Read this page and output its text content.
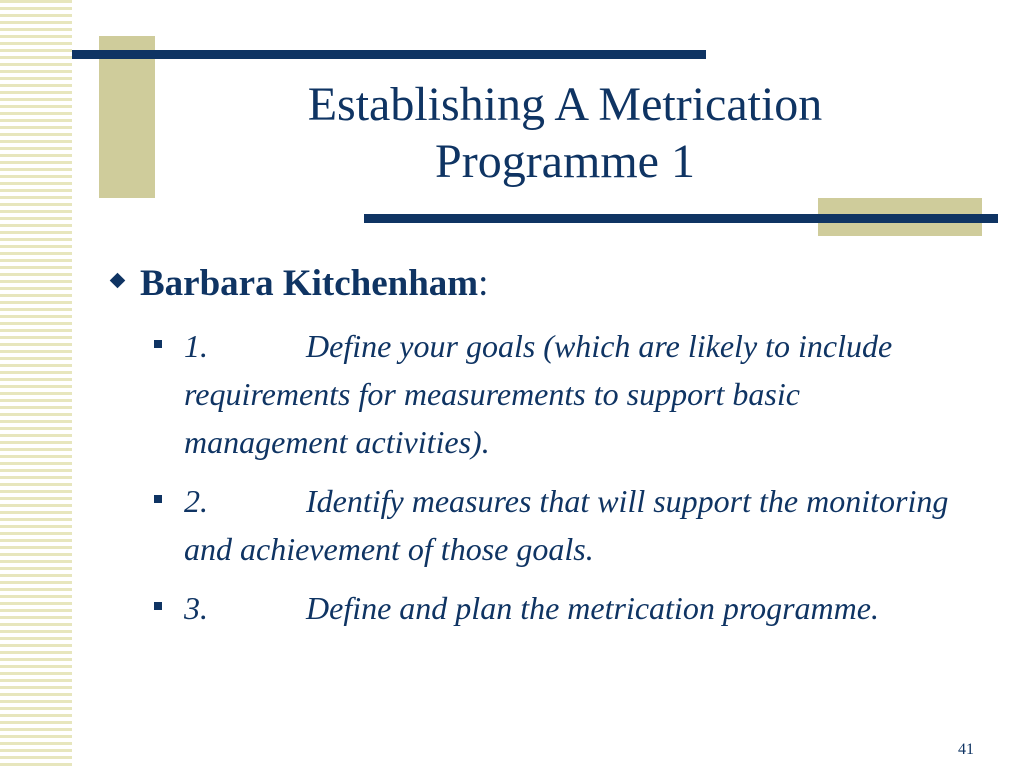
Establishing A Metrication
Programme 1
Barbara Kitchenham:
1.	Define your goals (which are likely to include requirements for measurements to support basic management activities).
2.	Identify measures that will support the monitoring and achievement of those goals.
3.	Define and plan the metrication programme.
41
